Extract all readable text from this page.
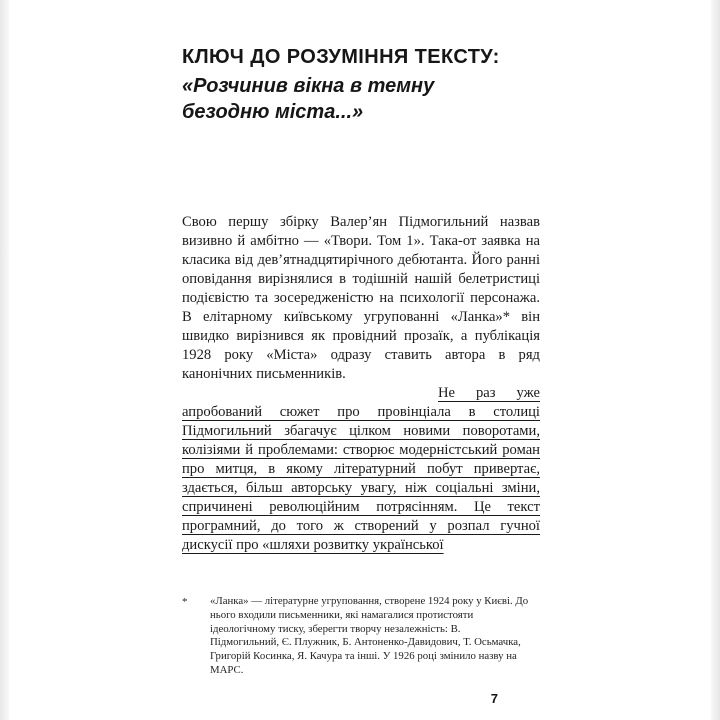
КЛЮЧ ДО РОЗУМІННЯ ТЕКСТУ:
«Розчинив вікна в темну
безодню міста...»

Свою першу збірку Валер’ян Підмогильний назвав визивно й амбітно — «Твори. Том 1». Така-от заявка на класика від дев’ятнадцятирічного дебютанта. Його ранні оповідання вирізнялися в тодішній нашій белетристиці подієвістю та зосередженістю на психології персонажа. В елітарному київському угрупованні «Ланка»* він швидко вирізнився як провідний прозаїк, а публікація 1928 року «Міста» одразу ставить автора в ряд канонічних письменників.

Не раз уже апробований сюжет про провінціала в столиці Підмогильний збагачує цілком новими поворотами, колізіями й проблемами: створює модерністський роман про митця, в якому літературний побут привертає, здається, більш авторську увагу, ніж соціальні зміни, спричинені революційним потрясінням. Це текст програмний, до того ж створений у розпал гучної дискусії про «шляхи розвитку української

*	«Ланка» — літературне угруповання, створене 1924 року у Києві. До нього входили письменники, які намагалися протистояти ідеологічному тиску, зберегти творчу незалежність: В. Підмогильний, Є. Плужник, Б. Антоненко-Давидович, Т. Осьмачка, Григорій Косинка, Я. Качура та інші. У 1926 році змінило назву на МАРС.
7
